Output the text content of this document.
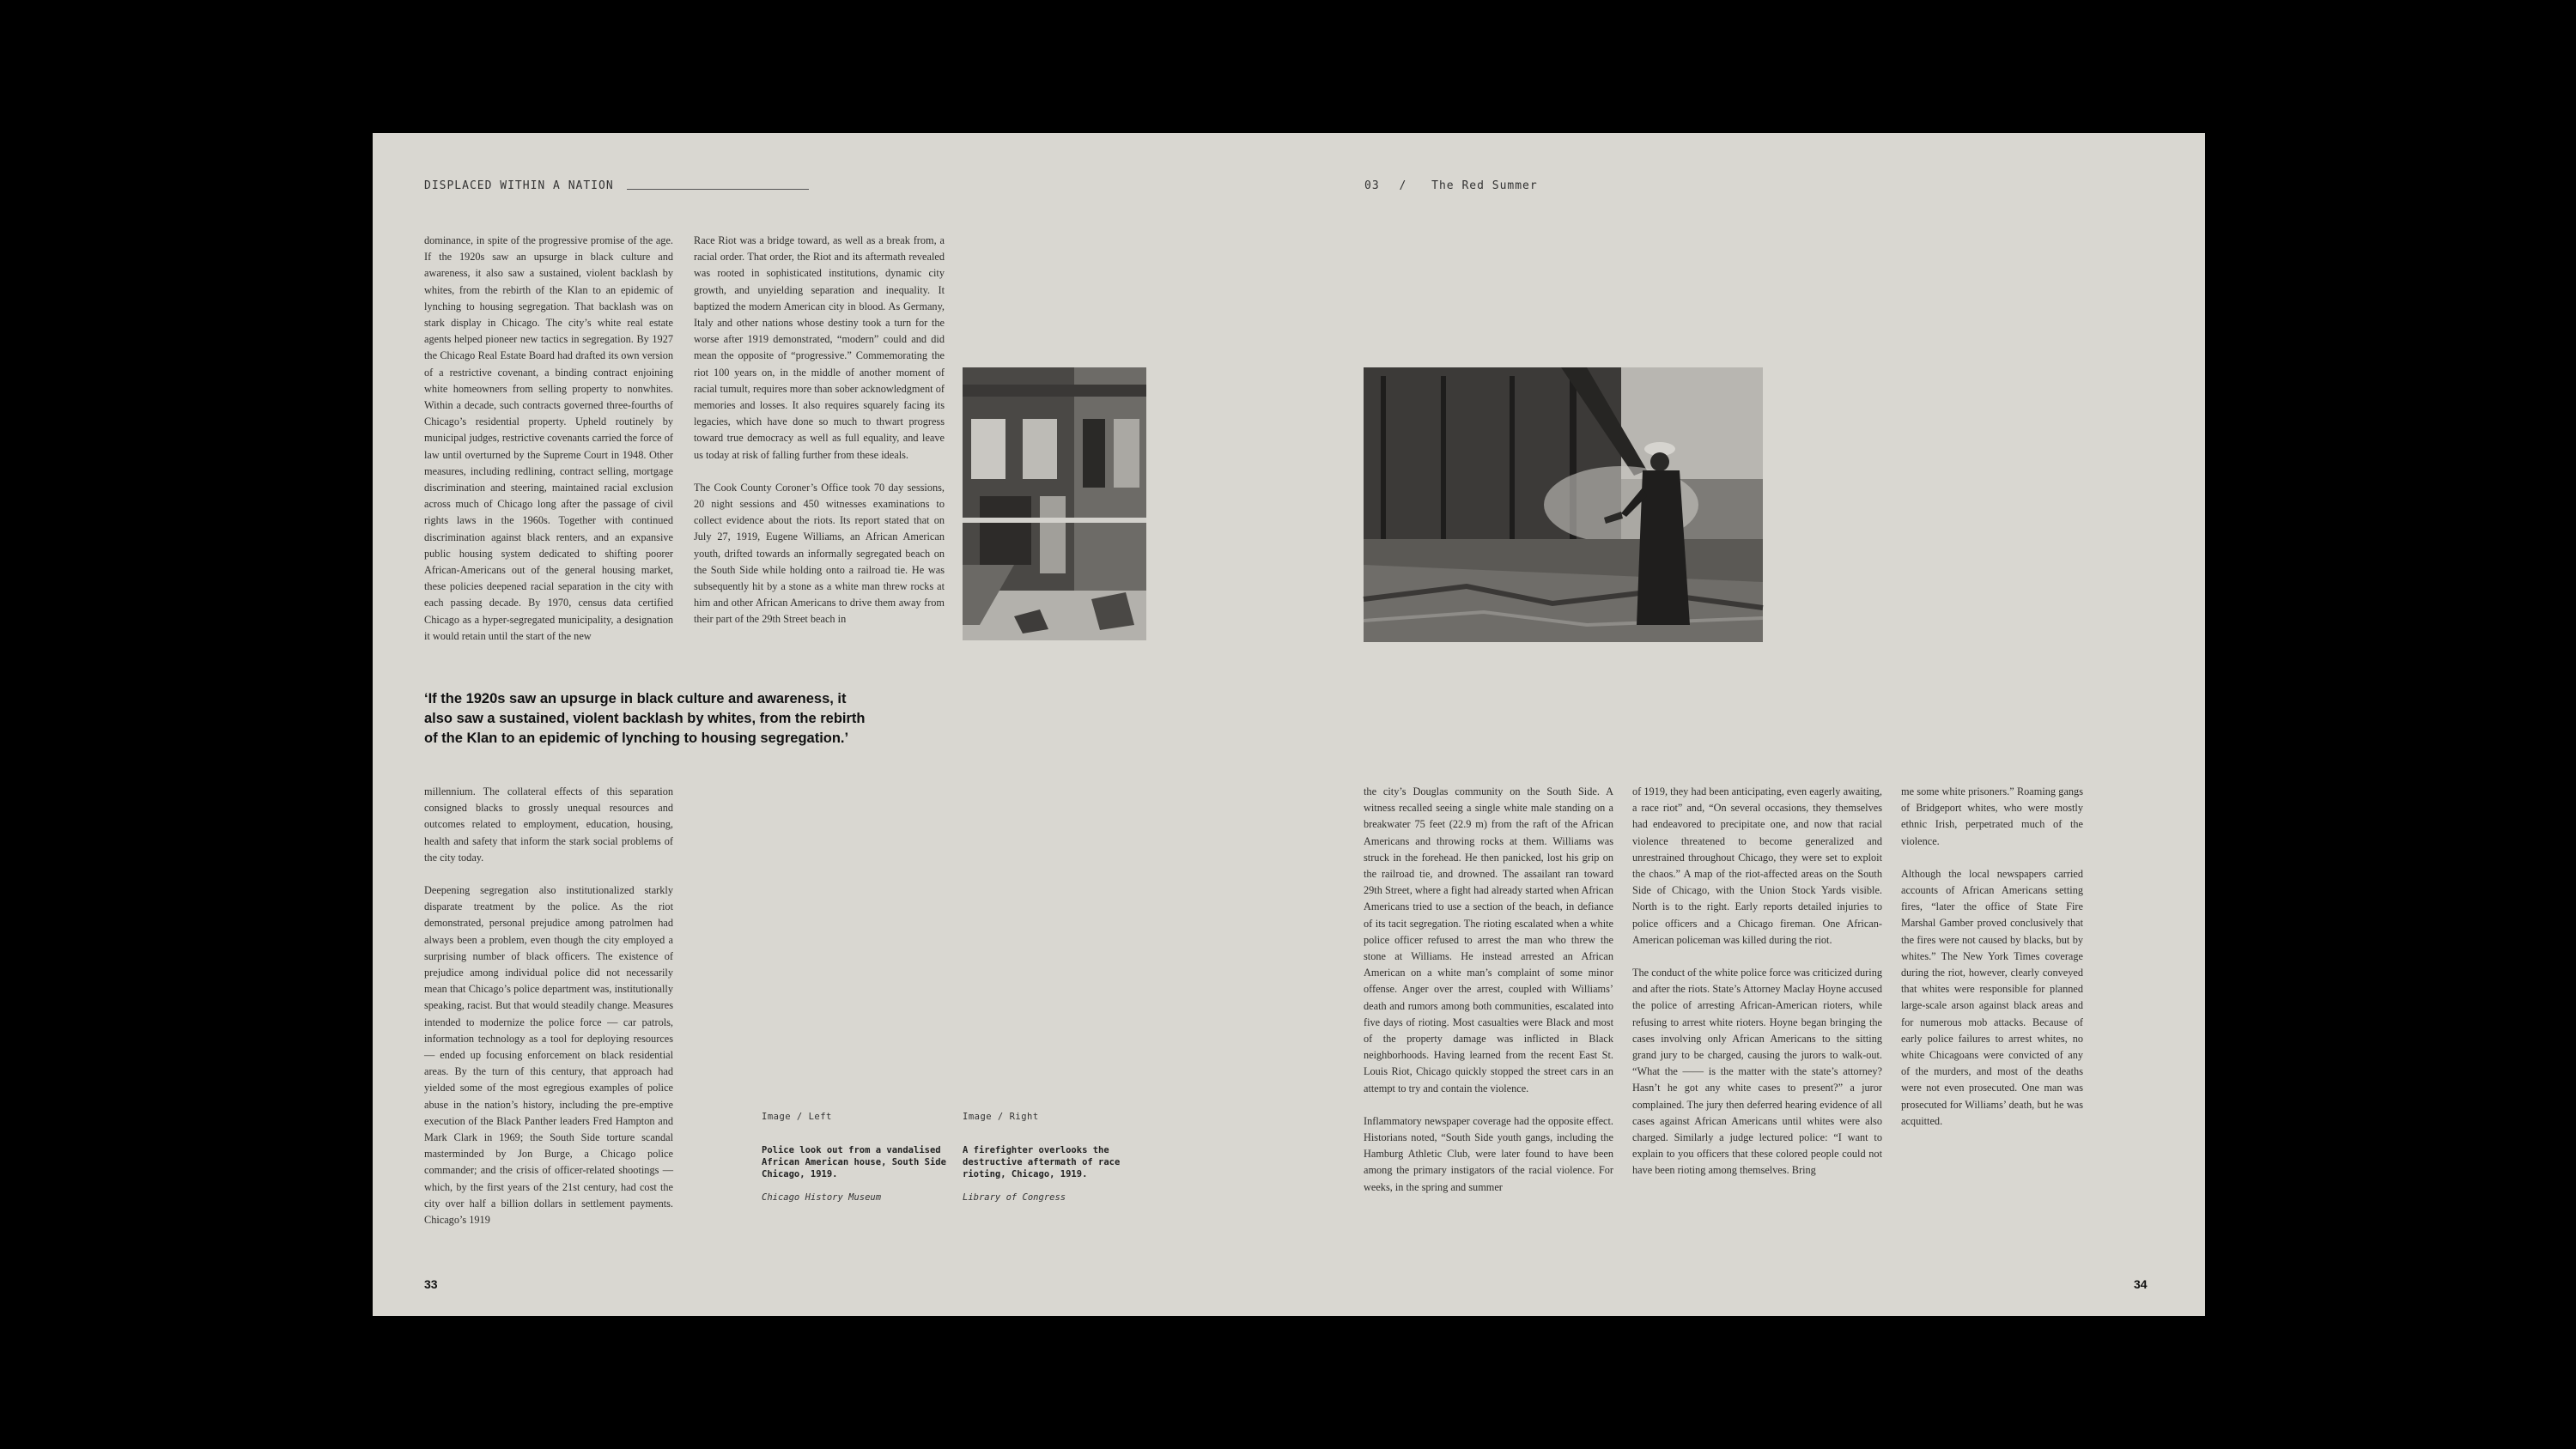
DISPLACED WITHIN A NATION

dominance, in spite of the progressive promise of the age. If the 1920s saw an upsurge in black culture and awareness, it also saw a sustained, violent backlash by whites, from the rebirth of the Klan to an epidemic of lynching to housing segregation. That backlash was on stark display in Chicago. The city’s white real estate agents helped pioneer new tactics in segregation. By 1927 the Chicago Real Estate Board had drafted its own version of a restrictive covenant, a binding contract enjoining white homeowners from selling property to nonwhites. Within a decade, such contracts governed three-fourths of Chicago’s residential property. Upheld routinely by municipal judges, restrictive covenants carried the force of law until overturned by the Supreme Court in 1948. Other measures, including redlining, contract selling, mortgage discrimination and steering, maintained racial exclusion across much of Chicago long after the passage of civil rights laws in the 1960s. Together with continued discrimination against black renters, and an expansive public housing system dedicated to shifting poorer African-Americans out of the general housing market, these policies deepened racial separation in the city with each passing decade. By 1970, census data certified Chicago as a hyper-segregated municipality, a designation it would retain until the start of the new

Race Riot was a bridge toward, as well as a break from, a racial order. That order, the Riot and its aftermath revealed was rooted in sophisticated institutions, dynamic city growth, and unyielding separation and inequality. It baptized the modern American city in blood. As Germany, Italy and other nations whose destiny took a turn for the worse after 1919 demonstrated, “modern” could and did mean the opposite of “progressive.” Commemorating the riot 100 years on, in the middle of another moment of racial tumult, requires more than sober acknowledgment of memories and losses. It also requires squarely facing its legacies, which have done so much to thwart progress toward true democracy as well as full equality, and leave us today at risk of falling further from these ideals.

The Cook County Coroner’s Office took 70 day sessions, 20 night sessions and 450 witnesses examinations to collect evidence about the riots. Its report stated that on July 27, 1919, Eugene Williams, an African American youth, drifted towards an informally segregated beach on the South Side while holding onto a railroad tie. He was subsequently hit by a stone as a white man threw rocks at him and other African Americans to drive them away from their part of the 29th Street beach in

‘If the 1920s saw an upsurge in black culture and awareness, it also saw a sustained, violent backlash by whites, from the rebirth of the Klan to an epidemic of lynching to housing segregation.’

millennium. The collateral effects of this separation consigned blacks to grossly unequal resources and outcomes related to employment, education, housing, health and safety that inform the stark social problems of the city today.

Deepening segregation also institutionalized starkly disparate treatment by the police. As the riot demonstrated, personal prejudice among patrolmen had always been a problem, even though the city employed a surprising number of black officers. The existence of prejudice among individual police did not necessarily mean that Chicago’s police department was, institutionally speaking, racist. But that would steadily change. Measures intended to modernize the police force — car patrols, information technology as a tool for deploying resources — ended up focusing enforcement on black residential areas. By the turn of this century, that approach had yielded some of the most egregious examples of police abuse in the nation’s history, including the pre-emptive execution of the Black Panther leaders Fred Hampton and Mark Clark in 1969; the South Side torture scandal masterminded by Jon Burge, a Chicago police commander; and the crisis of officer-related shootings — which, by the first years of the 21st century, had cost the city over half a billion dollars in settlement payments. Chicago’s 1919

Image / Left
Police look out from a vandalised African American house, South Side Chicago, 1919.
Chicago History Museum
Image / Right
A firefighter overlooks the destructive aftermath of race rioting, Chicago, 1919.
Library of Congress
33
03 / The Red Summer

the city’s Douglas community on the South Side. A witness recalled seeing a single white male standing on a breakwater 75 feet (22.9 m) from the raft of the African Americans and throwing rocks at them. Williams was struck in the forehead. He then panicked, lost his grip on the railroad tie, and drowned. The assailant ran toward 29th Street, where a fight had already started when African Americans tried to use a section of the beach, in defiance of its tacit segregation. The rioting escalated when a white police officer refused to arrest the man who threw the stone at Williams. He instead arrested an African American on a white man’s complaint of some minor offense. Anger over the arrest, coupled with Williams’ death and rumors among both communities, escalated into five days of rioting. Most casualties were Black and most of the property damage was inflicted in Black neighborhoods. Having learned from the recent East St. Louis Riot, Chicago quickly stopped the street cars in an attempt to try and contain the violence.

Inflammatory newspaper coverage had the opposite effect. Historians noted, “South Side youth gangs, including the Hamburg Athletic Club, were later found to have been among the primary instigators of the racial violence. For weeks, in the spring and summer

of 1919, they had been anticipating, even eagerly awaiting, a race riot” and, “On several occasions, they themselves had endeavored to precipitate one, and now that racial violence threatened to become generalized and unrestrained throughout Chicago, they were set to exploit the chaos.” A map of the riot-affected areas on the South Side of Chicago, with the Union Stock Yards visible. North is to the right. Early reports detailed injuries to police officers and a Chicago fireman. One African-American policeman was killed during the riot.

The conduct of the white police force was criticized during and after the riots. State’s Attorney Maclay Hoyne accused the police of arresting African-American rioters, while refusing to arrest white rioters. Hoyne began bringing the cases involving only African Americans to the sitting grand jury to be charged, causing the jurors to walk-out. “What the —— is the matter with the state’s attorney? Hasn’t he got any white cases to present?” a juror complained. The jury then deferred hearing evidence of all cases against African Americans until whites were also charged. Similarly a judge lectured police: “I want to explain to you officers that these colored people could not have been rioting among themselves. Bring

me some white prisoners.” Roaming gangs of Bridgeport whites, who were mostly ethnic Irish, perpetrated much of the violence.

Although the local newspapers carried accounts of African Americans setting fires, “later the office of State Fire Marshal Gamber proved conclusively that the fires were not caused by blacks, but by whites.” The New York Times coverage during the riot, however, clearly conveyed that whites were responsible for planned large-scale arson against black areas and for numerous mob attacks. Because of early police failures to arrest whites, no white Chicagoans were convicted of any of the murders, and most of the deaths were not even prosecuted. One man was prosecuted for Williams’ death, but he was acquitted.

34
